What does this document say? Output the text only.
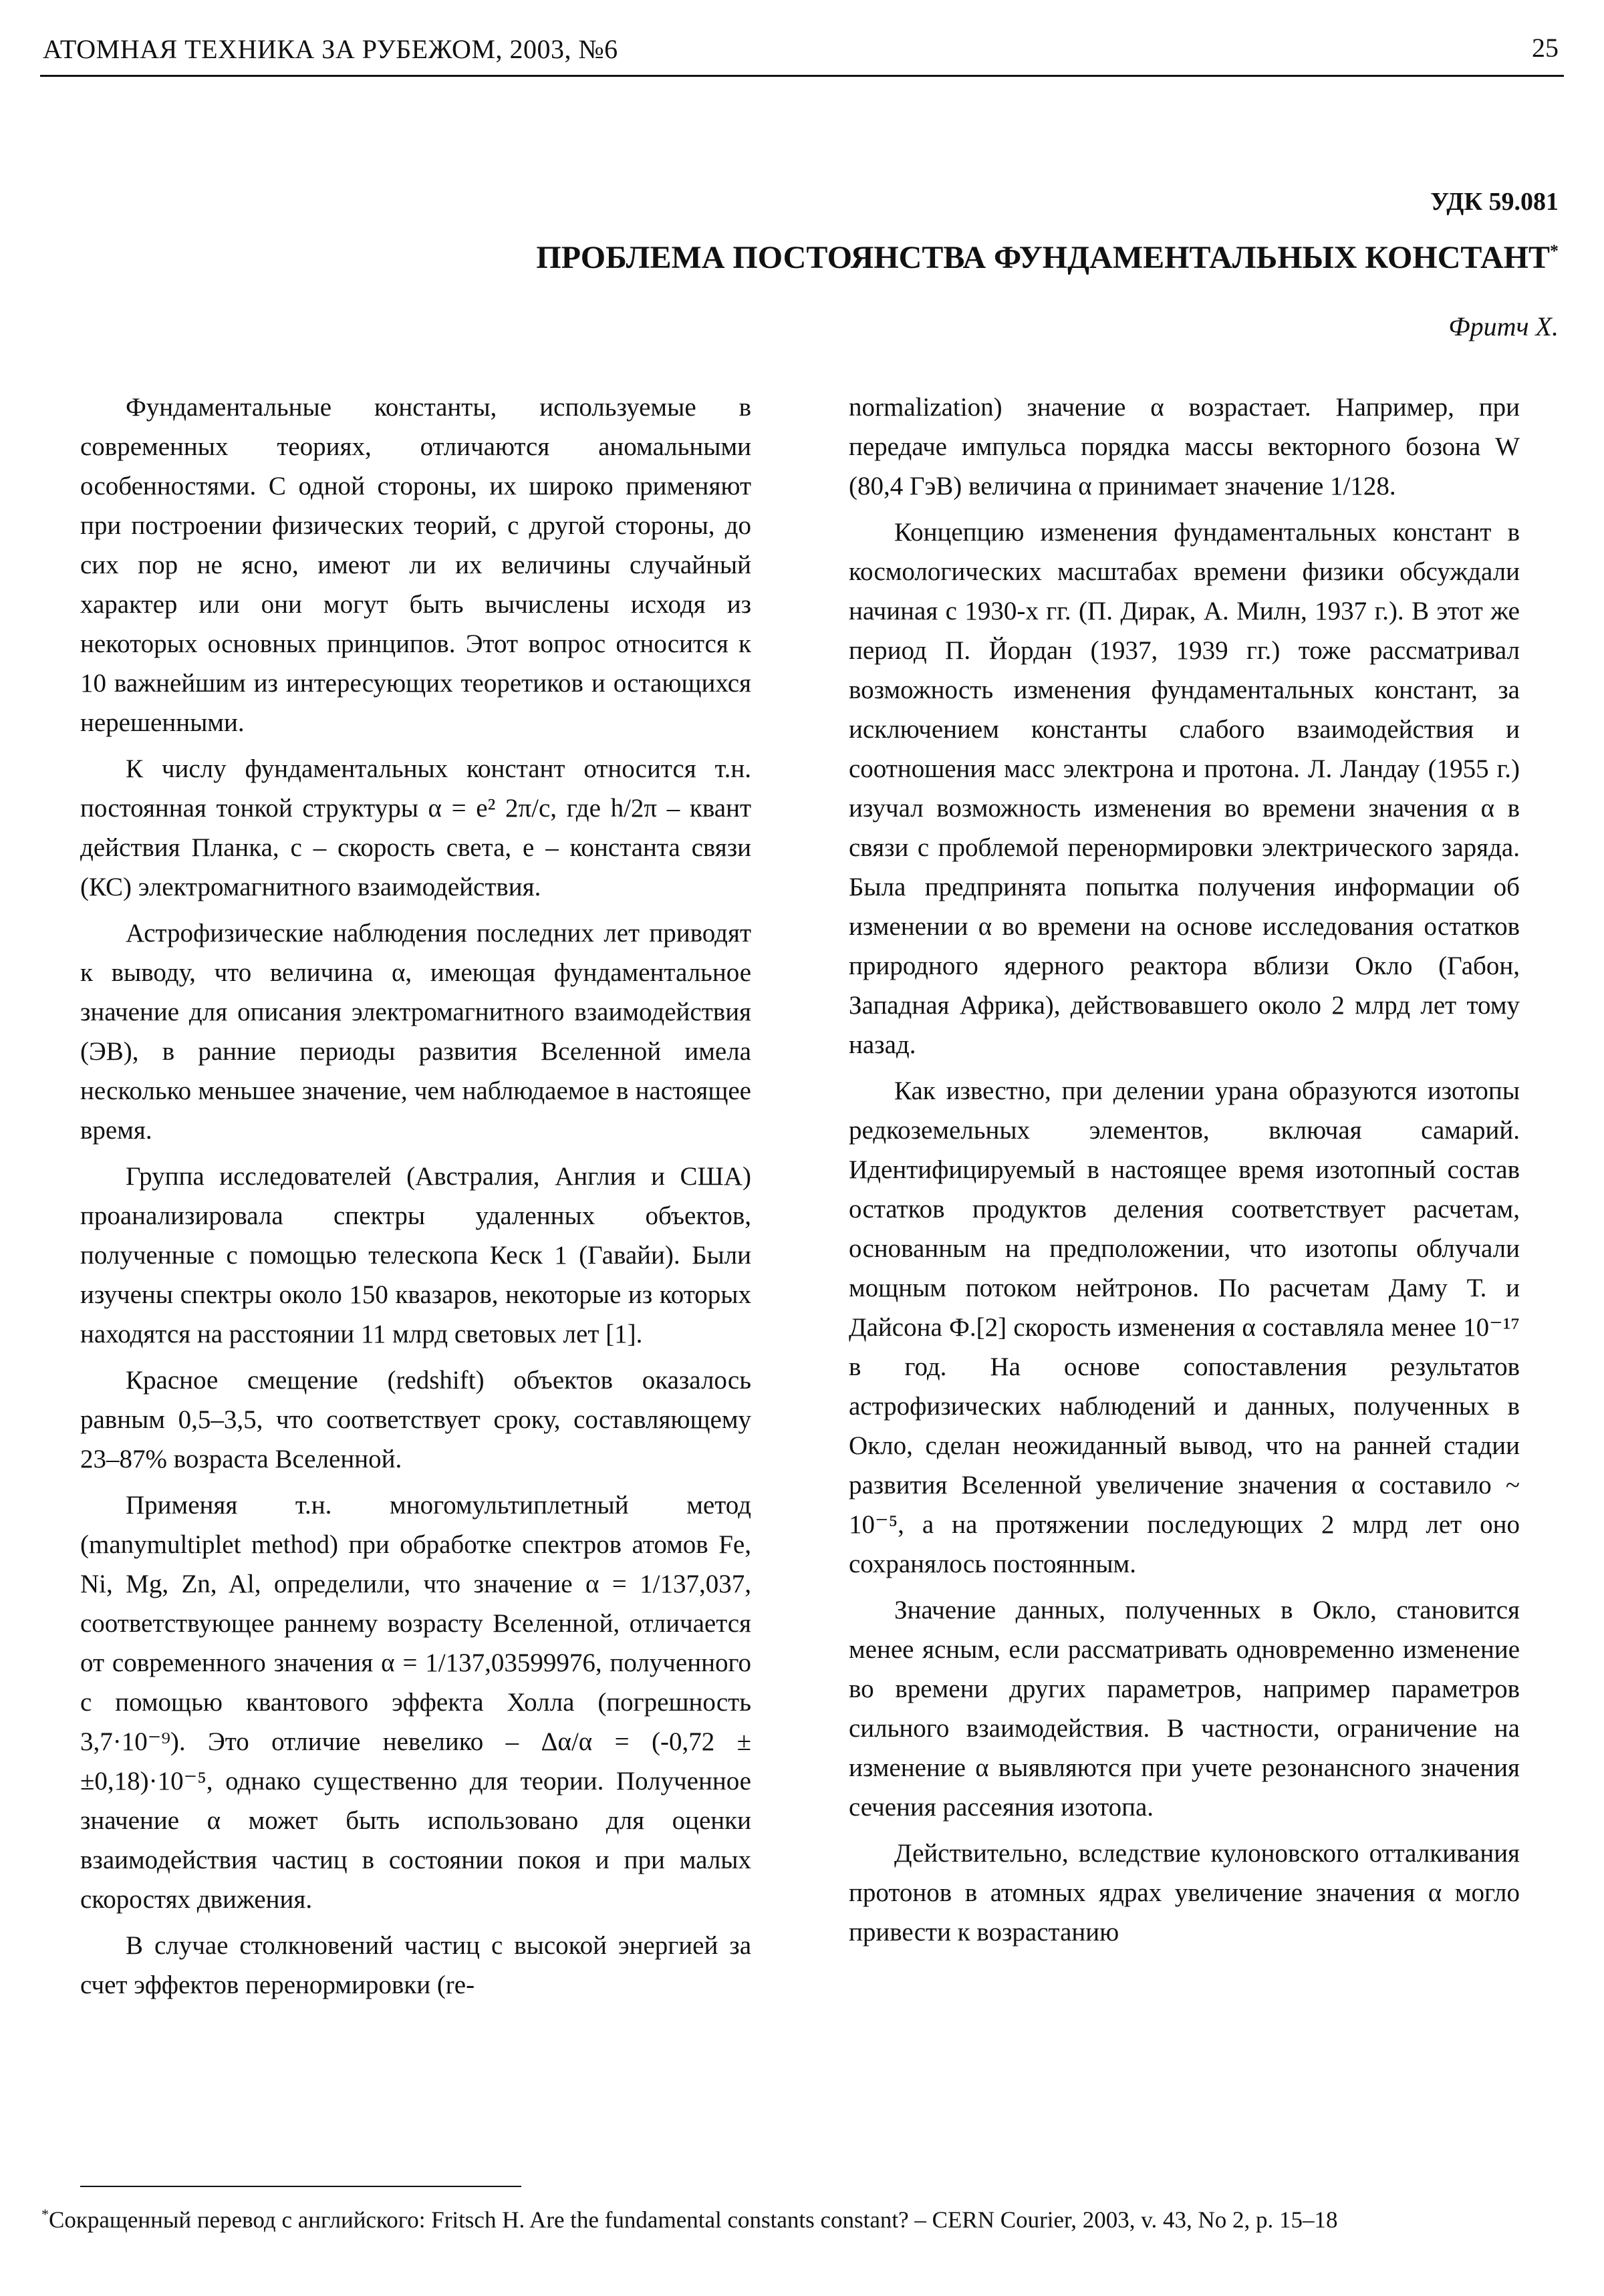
АТОМНАЯ ТЕХНИКА ЗА РУБЕЖОМ, 2003, №6	25
УДК 59.081
ПРОБЛЕМА ПОСТОЯНСТВА ФУНДАМЕНТАЛЬНЫХ КОНСТАНТ*
Фритч Х.

Фундаментальные константы, используемые в современных теориях, отличаются аномальными особенностями. С одной стороны, их широко применяют при построении физических теорий, с другой стороны, до сих пор не ясно, имеют ли их величины случайный характер или они могут быть вычислены исходя из некоторых основных принципов. Этот вопрос относится к 10 важнейшим из интересующих теоретиков и остающихся нерешенными.

К числу фундаментальных констант относится т.н. постоянная тонкой структуры α = e² 2π/c, где h/2π – квант действия Планка, c – скорость света, e – константа связи (КС) электромагнитного взаимодействия.

Астрофизические наблюдения последних лет приводят к выводу, что величина α, имеющая фундаментальное значение для описания электромагнитного взаимодействия (ЭВ), в ранние периоды развития Вселенной имела несколько меньшее значение, чем наблюдаемое в настоящее время.

Группа исследователей (Австралия, Англия и США) проанализировала спектры удаленных объектов, полученные с помощью телескопа Кеск 1 (Гавайи). Были изучены спектры около 150 квазаров, некоторые из которых находятся на расстоянии 11 млрд световых лет [1].

Красное смещение (redshift) объектов оказалось равным 0,5–3,5, что соответствует сроку, составляющему 23–87% возраста Вселенной.

Применяя т.н. многомультиплетный метод (manymultiplet method) при обработке спектров атомов Fe, Ni, Mg, Zn, Al, определили, что значение α = 1/137,037, соответствующее раннему возрасту Вселенной, отличается от современного значения α = 1/137,03599976, полученного с помощью квантового эффекта Холла (погрешность 3,7·10⁻⁹). Это отличие невелико – Δα/α = (-0,72 ± ±0,18)·10⁻⁵, однако существенно для теории. Полученное значение α может быть использовано для оценки взаимодействия частиц в состоянии покоя и при малых скоростях движения.

В случае столкновений частиц с высокой энергией за счет эффектов перенормировки (re-

normalization) значение α возрастает. Например, при передаче импульса порядка массы векторного бозона W (80,4 ГэВ) величина α принимает значение 1/128.

Концепцию изменения фундаментальных констант в космологических масштабах времени физики обсуждали начиная с 1930-х гг. (П. Дирак, А. Милн, 1937 г.). В этот же период П. Йордан (1937, 1939 гг.) тоже рассматривал возможность изменения фундаментальных констант, за исключением константы слабого взаимодействия и соотношения масс электрона и протона. Л. Ландау (1955 г.) изучал возможность изменения во времени значения α в связи с проблемой перенормировки электрического заряда. Была предпринята попытка получения информации об изменении α во времени на основе исследования остатков природного ядерного реактора вблизи Окло (Габон, Западная Африка), действовавшего около 2 млрд лет тому назад.

Как известно, при делении урана образуются изотопы редкоземельных элементов, включая самарий. Идентифицируемый в настоящее время изотопный состав остатков продуктов деления соответствует расчетам, основанным на предположении, что изотопы облучали мощным потоком нейтронов. По расчетам Даму Т. и Дайсона Ф.[2] скорость изменения α составляла менее 10⁻¹⁷ в год. На основе сопоставления результатов астрофизических наблюдений и данных, полученных в Окло, сделан неожиданный вывод, что на ранней стадии развития Вселенной увеличение значения α составило ~ 10⁻⁵, а на протяжении последующих 2 млрд лет оно сохранялось постоянным.

Значение данных, полученных в Окло, становится менее ясным, если рассматривать одновременно изменение во времени других параметров, например параметров сильного взаимодействия. В частности, ограничение на изменение α выявляются при учете резонансного значения сечения рассеяния изотопа.

Действительно, вследствие кулоновского отталкивания протонов в атомных ядрах увеличение значения α могло привести к возрастанию

*Сокращенный перевод с английского: Fritsch H. Are the fundamental constants constant? – CERN Courier, 2003, v. 43, No 2, p. 15–18
